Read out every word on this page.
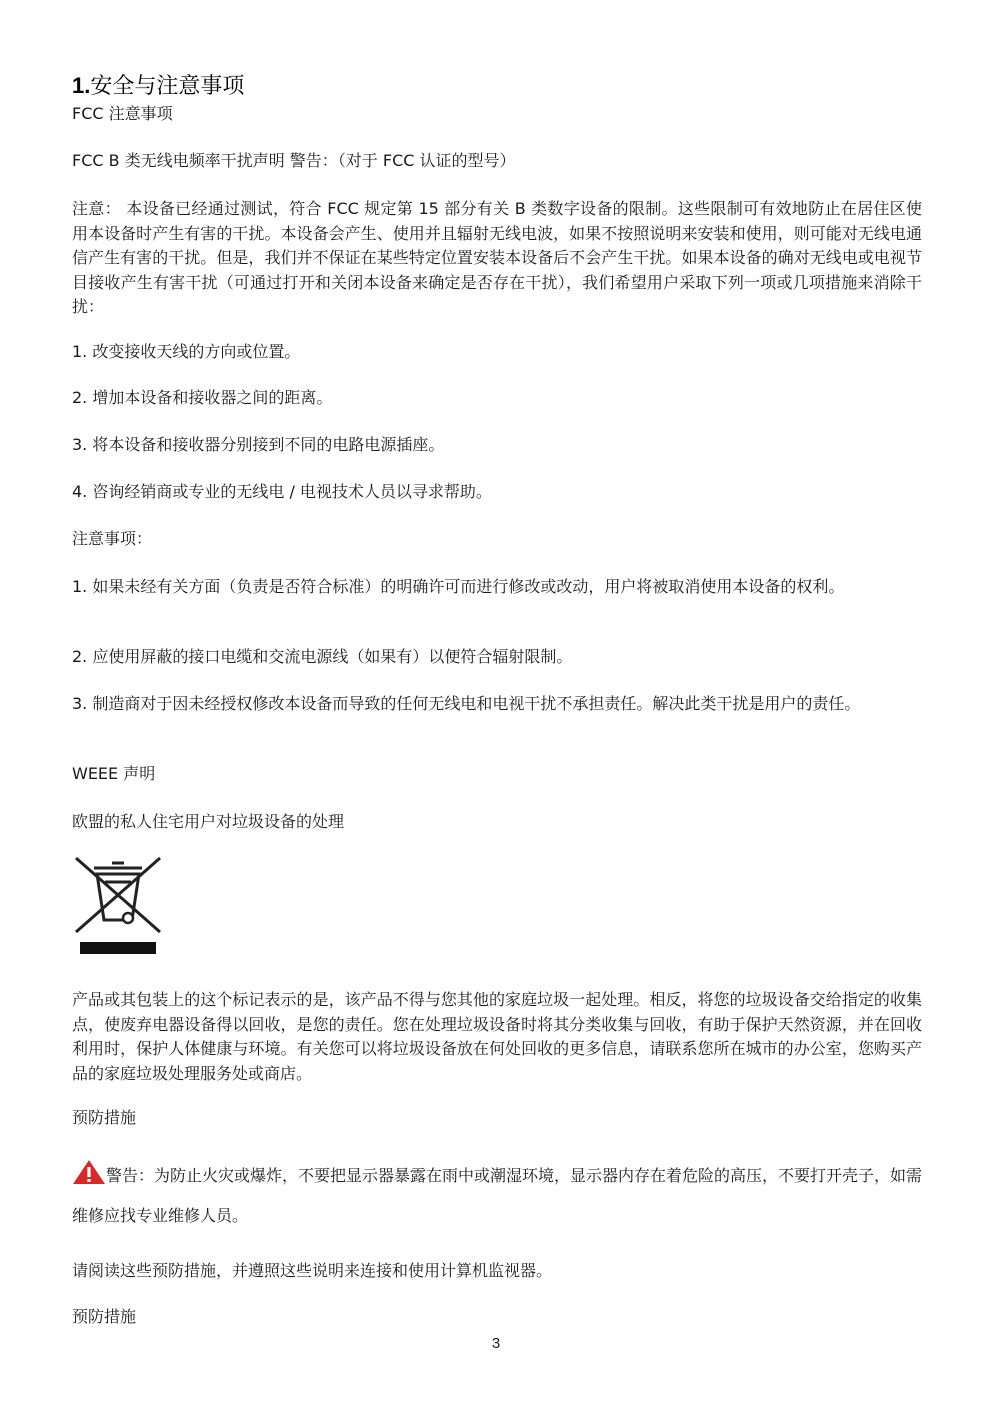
1.安全与注意事项

FCC 注意事项

FCC B 类无线电频率干扰声明 警告：（对于 FCC 认证的型号）

注意： 本设备已经通过测试，符合 FCC 规定第 15 部分有关 B 类数字设备的限制。这些限制可有效地防止在居住区使用本设备时产生有害的干扰。本设备会产生、使用并且辐射无线电波，如果不按照说明来安装和使用，则可能对无线电通信产生有害的干扰。但是，我们并不保证在某些特定位置安装本设备后不会产生干扰。如果本设备的确对无线电或电视节目接收产生有害干扰（可通过打开和关闭本设备来确定是否存在干扰），我们希望用户采取下列一项或几项措施来消除干扰：

1. 改变接收天线的方向或位置。

2. 增加本设备和接收器之间的距离。

3. 将本设备和接收器分别接到不同的电路电源插座。

4. 咨询经销商或专业的无线电 / 电视技术人员以寻求帮助。

注意事项：

1. 如果未经有关方面（负责是否符合标准）的明确许可而进行修改或改动，用户将被取消使用本设备的权利。

2. 应使用屏蔽的接口电缆和交流电源线（如果有）以便符合辐射限制。

3. 制造商对于因未经授权修改本设备而导致的任何无线电和电视干扰不承担责任。解决此类干扰是用户的责任。

WEEE 声明

欧盟的私人住宅用户对垃圾设备的处理

产品或其包装上的这个标记表示的是，该产品不得与您其他的家庭垃圾一起处理。相反，将您的垃圾设备交给指定的收集点，使废弃电器设备得以回收，是您的责任。您在处理垃圾设备时将其分类收集与回收，有助于保护天然资源，并在回收利用时，保护人体健康与环境。有关您可以将垃圾设备放在何处回收的更多信息，请联系您所在城市的办公室，您购买产品的家庭垃圾处理服务处或商店。

预防措施

警告：为防止火灾或爆炸，不要把显示器暴露在雨中或潮湿环境，显示器内存在着危险的高压，不要打开壳子，如需维修应找专业维修人员。

请阅读这些预防措施，并遵照这些说明来连接和使用计算机监视器。

预防措施

3
